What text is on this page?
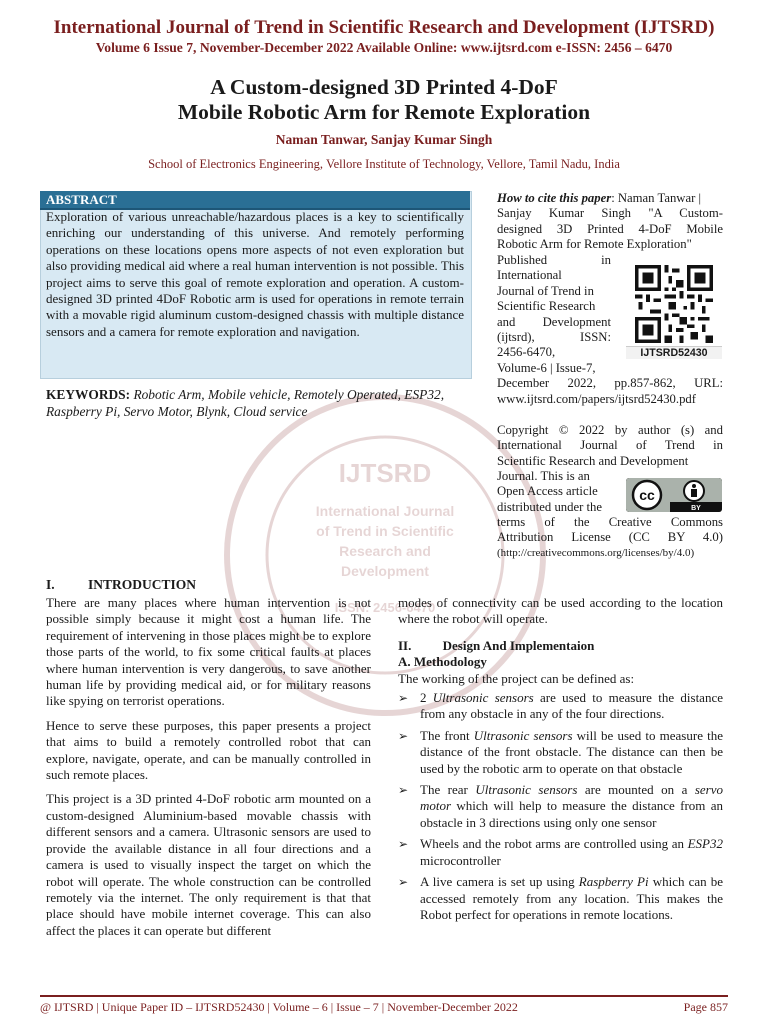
International Journal of Trend in Scientific Research and Development (IJTSRD)
Volume 6 Issue 7, November-December 2022 Available Online: www.ijtsrd.com e-ISSN: 2456 – 6470
A Custom-designed 3D Printed 4-DoF
Mobile Robotic Arm for Remote Exploration
Naman Tanwar, Sanjay Kumar Singh
School of Electronics Engineering, Vellore Institute of Technology, Vellore, Tamil Nadu, India
IJTSRD
International Journal
of Trend in Scientific
Research and
Development
ISSN: 2456-6470
ABSTRACT
Exploration of various unreachable/hazardous places is a key to scientifically enriching our understanding of this universe. And remotely performing operations on these locations opens more aspects of not even exploration but also providing medical aid where a real human intervention is not possible. This project aims to serve this goal of remote exploration and operation. A custom-designed 3D printed 4DoF Robotic arm is used for operations in remote terrain with a movable rigid aluminum custom-designed chassis with multiple distance sensors and a camera for remote exploration and navigation.
KEYWORDS: Robotic Arm, Mobile vehicle, Remotely Operated, ESP32, Raspberry Pi, Servo Motor, Blynk, Cloud service
How to cite this paper: Naman Tanwar |
Sanjay Kumar Singh "A Custom-
designed 3D Printed 4-DoF Mobile
Robotic Arm for Remote Exploration"
Published in
International
Journal of Trend in
Scientific Research
and Development
(ijtsrd), ISSN:
2456-6470,
Volume-6 | Issue-7,
December 2022, pp.857-862, URL:
www.ijtsrd.com/papers/ijtsrd52430.pdf
IJTSRD52430
Copyright © 2022 by author (s) and
International Journal of Trend in
Scientific Research and Development
Journal. This is an
Open Access article
distributed under the
terms of the Creative Commons
Attribution License (CC BY 4.0)
(http://creativecommons.org/licenses/by/4.0)
cc
BY
I. INTRODUCTION

There are many places where human intervention is not possible simply because it might cost a human life. The requirement of intervening in those places might be to explore those parts of the world, to fix some critical faults at places where human intervention is very dangerous, to save another human life by providing medical aid, or for military reasons like spying on terrorist operations.

Hence to serve these purposes, this paper presents a project that aims to build a remotely controlled robot that can explore, navigate, operate, and can be manually controlled in such remote places.

This project is a 3D printed 4-DoF robotic arm mounted on a custom-designed Aluminium-based movable chassis with different sensors and a camera. Ultrasonic sensors are used to provide the available distance in all four directions and a camera is used to visually inspect the target on which the robot will operate. The whole construction can be controlled remotely via the internet. The only requirement is that that place should have mobile internet coverage. This can also affect the places it can operate but different

modes of connectivity can be used according to the location where the robot will operate.

II. Design And Implementaion
A. Methodology
The working of the project can be defined as:
➢ 2 Ultrasonic sensors are used to measure the distance from any obstacle in any of the four directions.
➢ The front Ultrasonic sensors will be used to measure the distance of the front obstacle. The distance can then be used by the robotic arm to operate on that obstacle
➢ The rear Ultrasonic sensors are mounted on a servo motor which will help to measure the distance from an obstacle in 3 directions using only one sensor
➢ Wheels and the robot arms are controlled using an ESP32 microcontroller
➢ A live camera is set up using Raspberry Pi which can be accessed remotely from any location. This makes the Robot perfect for operations in remote locations.
@ IJTSRD | Unique Paper ID – IJTSRD52430 | Volume – 6 | Issue – 7 | November-December 2022	Page 857
